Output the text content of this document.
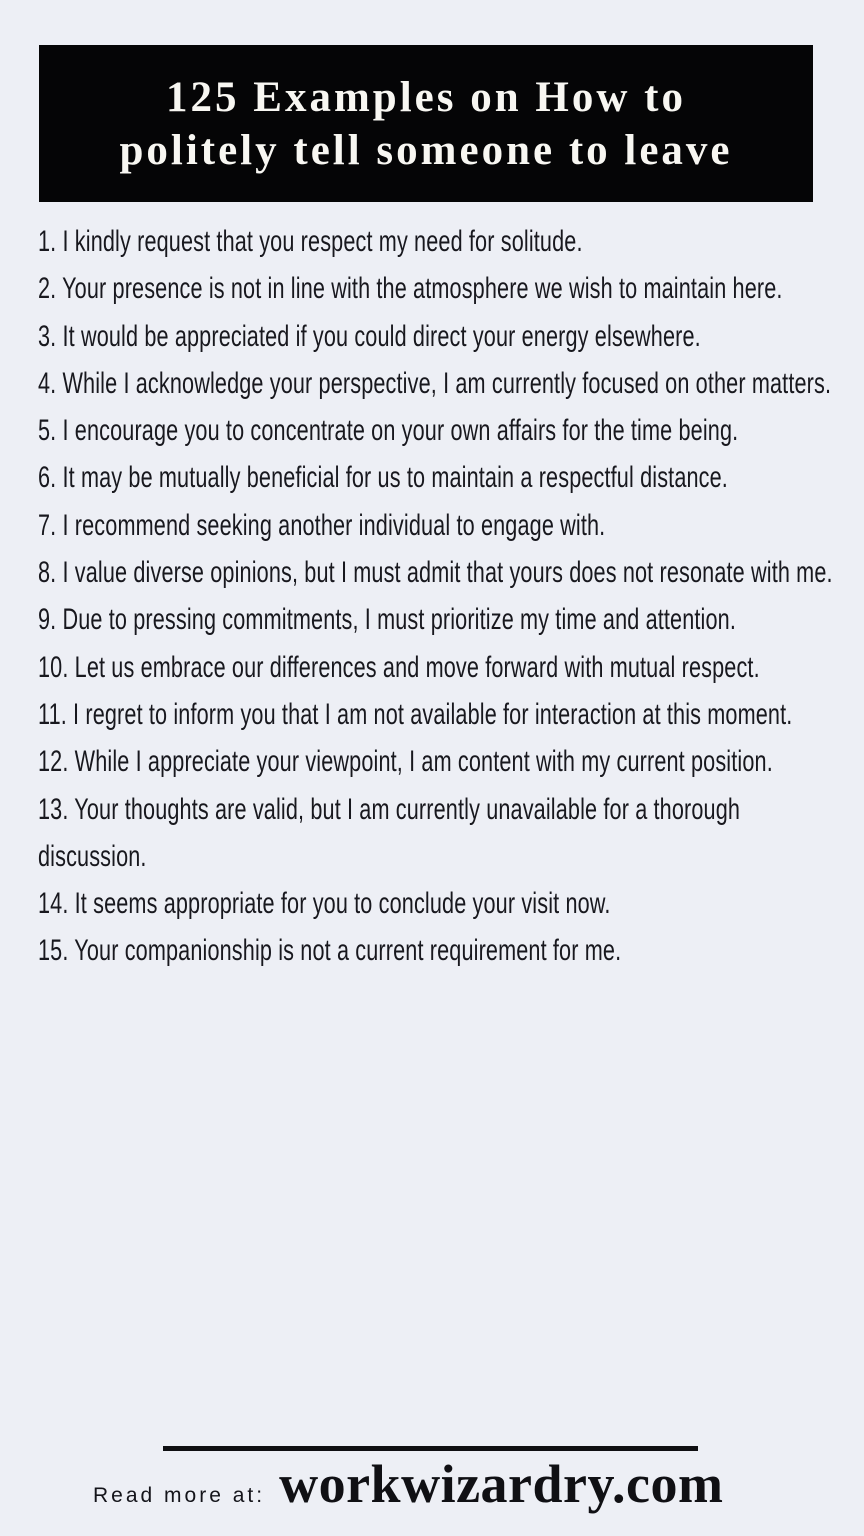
125 Examples on How to
politely tell someone to leave

1. I kindly request that you respect my need for solitude.

2. Your presence is not in line with the atmosphere we wish to maintain here.

3. It would be appreciated if you could direct your energy elsewhere.

4. While I acknowledge your perspective, I am currently focused on other matters.

5. I encourage you to concentrate on your own affairs for the time being.

6. It may be mutually beneficial for us to maintain a respectful distance.

7. I recommend seeking another individual to engage with.

8. I value diverse opinions, but I must admit that yours does not resonate with me.

9. Due to pressing commitments, I must prioritize my time and attention.

10. Let us embrace our differences and move forward with mutual respect.

11. I regret to inform you that I am not available for interaction at this moment.

12. While I appreciate your viewpoint, I am content with my current position.

13. Your thoughts are valid, but I am currently unavailable for a thorough discussion.

14. It seems appropriate for you to conclude your visit now.

15. Your companionship is not a current requirement for me.

Read more at: workwizardry.com
